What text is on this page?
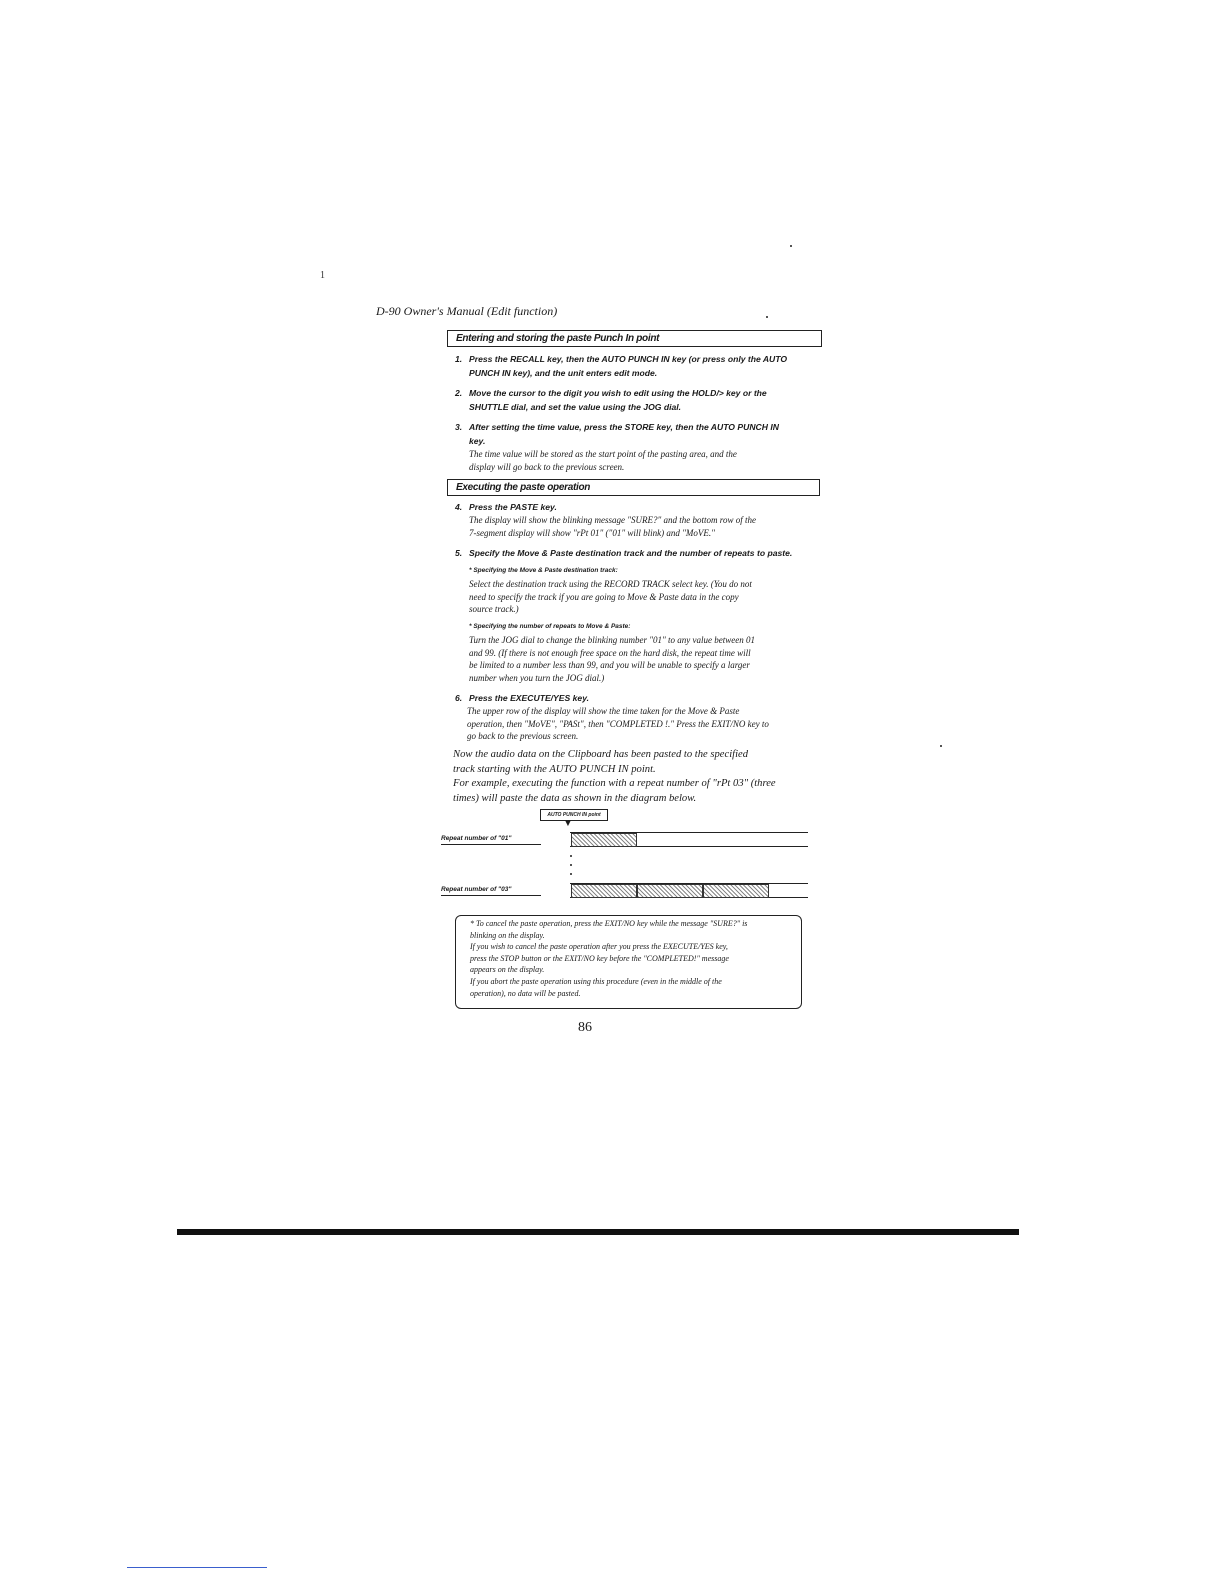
D-90 Owner's Manual (Edit function)
1
Entering and storing the paste Punch In point
1. Press the RECALL key, then the AUTO PUNCH IN key (or press only the AUTO
PUNCH IN key), and the unit enters edit mode.
2. Move the cursor to the digit you wish to edit using the HOLD/> key or the
SHUTTLE dial, and set the value using the JOG dial.
3. After setting the time value, press the STORE key, then the AUTO PUNCH IN
key.
The time value will be stored as the start point of the pasting area, and the
display will go back to the previous screen.
Executing the paste operation
4. Press the PASTE key.
The display will show the blinking message "SURE?" and the bottom row of the
7-segment display will show "rPt 01" ("01" will blink) and "MoVE."
5. Specify the Move & Paste destination track and the number of repeats to paste.
* Specifying the Move & Paste destination track:
Select the destination track using the RECORD TRACK select key. (You do not
need to specify the track if you are going to Move & Paste data in the copy
source track.)
* Specifying the number of repeats to Move & Paste:
Turn the JOG dial to change the blinking number "01" to any value between 01
and 99. (If there is not enough free space on the hard disk, the repeat time will
be limited to a number less than 99, and you will be unable to specify a larger
number when you turn the JOG dial.)
6. Press the EXECUTE/YES key.
The upper row of the display will show the time taken for the Move & Paste
operation, then "MoVE", "PASt", then "COMPLETED !." Press the EXIT/NO key to
go back to the previous screen.
Now the audio data on the Clipboard has been pasted to the specified
track starting with the AUTO PUNCH IN point.
For example, executing the function with a repeat number of "rPt 03" (three
times) will paste the data as shown in the diagram below.
AUTO PUNCH IN point
▼
Repeat number of "01"
Repeat number of "03"
* To cancel the paste operation, press the EXIT/NO key while the message "SURE?" is
blinking on the display.
If you wish to cancel the paste operation after you press the EXECUTE/YES key,
press the STOP button or the EXIT/NO key before the "COMPLETED!" message
appears on the display.
If you abort the paste operation using this procedure (even in the middle of the
operation), no data will be pasted.
86
